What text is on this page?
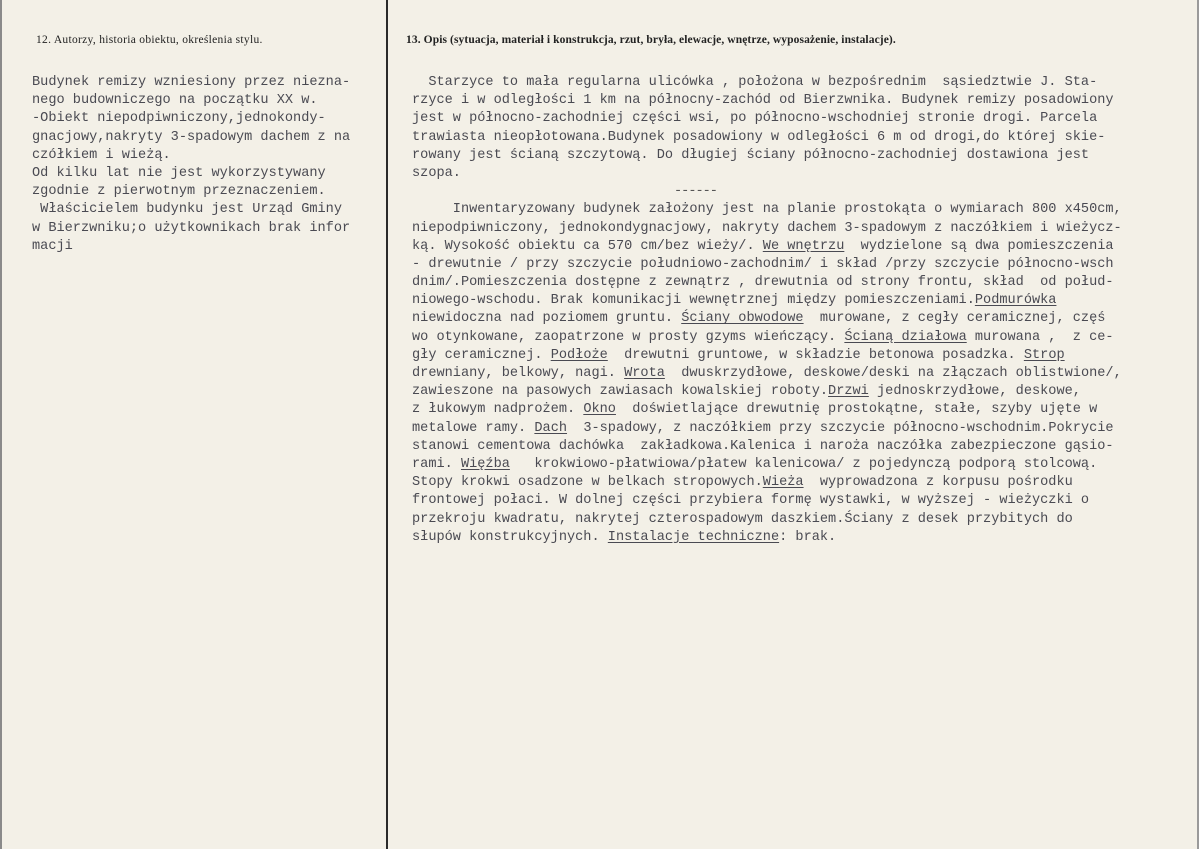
12. Autorzy, historia obiektu, określenia stylu.	13. Opis (sytuacja, materiał i konstrukcja, rzut, bryła, elewacje, wnętrze, wyposażenie, instalacje).
Budynek remizy wzniesiony przez niezna-
nego budowniczego na początku XX w.
-Obiekt niepodpiwniczony,jednokondy-
gnacjowy,nakryty 3-spadowym dachem z na
czółkiem i wieżą.
Od kilku lat nie jest wykorzystywany
zgodnie z pierwotnym przeznaczeniem.
Właścicielem budynku jest Urząd Gminy
w Bierzwniku;o użytkownikach brak infor
macji
Starzyce to mała regularna ulicówka , położona w bezpośrednim  sąsiedztwie J. Sta-
rzyce i w odległości 1 km na północny-zachód od Bierzwnika. Budynek remizy posadowiony
jest w północno-zachodniej części wsi, po północno-wschodniej stronie drogi. Parcela
trawiasta nieopłotowana.Budynek posadowiony w odległości 6 m od drogi,do której skie-
rowany jest ścianą szczytową. Do długiej ściany północno-zachodniej dostawiona jest
szopa.
------
Inwentaryzowany budynek założony jest na planie prostokąta o wymiarach 800 x450cm,
niepodpiwniczony, jednokondygnacjowy, nakryty dachem 3-spadowym z naczółkiem i wieżycz-
ką. Wysokość obiektu ca 570 cm/bez wieży/. We wnętrzu  wydzielone są dwa pomieszczenia
- drewutnie / przy szczycie południowo-zachodnim/ i skład /przy szczycie północno-wsch
dnim/.Pomieszczenia dostępne z zewnątrz , drewutnia od strony frontu, skład  od połud-
niowego-wschodu. Brak komunikacji wewnętrznej między pomieszczeniami.Podmurówka
niewidoczna nad poziomem gruntu. Ściany obwodowe  murowane, z cegły ceramicznej, częś
wo otynkowane, zaopatrzone w prosty gzyms wieńczący. Ścianą działowa murowana ,  z ce-
gły ceramicznej. Podłoże  drewutni gruntowe, w składzie betonowa posadzka. Strop
drewniany, belkowy, nagi. Wrota  dwuskrzydłowe, deskowe/deski na złączach oblistwione/,
zawieszone na pasowych zawiasach kowalskiej roboty.Drzwi jednoskrzydłowe, deskowe,
z łukowym nadprożem. Okno  doświetlające drewutnię prostokątne, stałe, szyby ujęte w
metalowe ramy. Dach  3-spadowy, z naczółkiem przy szczycie północno-wschodnim.Pokrycie
stanowi cementowa dachówka  zakładkowa.Kalenica i naroża naczółka zabezpieczone gąsio-
rami. Więźba   krokwiowo-płatwiowa/płatew kalenicowa/ z pojedynczą podporą stolcową.
Stopy krokwi osadzone w belkach stropowych.Wieża  wyprowadzona z korpusu pośrodku
frontowej połaci. W dolnej części przybiera formę wystawki, w wyższej - wieżyczki o
przekroju kwadratu, nakrytej czterospadowym daszkiem.Ściany z desek przybitych do
słupów konstrukcyjnych. Instalacje techniczne: brak.
